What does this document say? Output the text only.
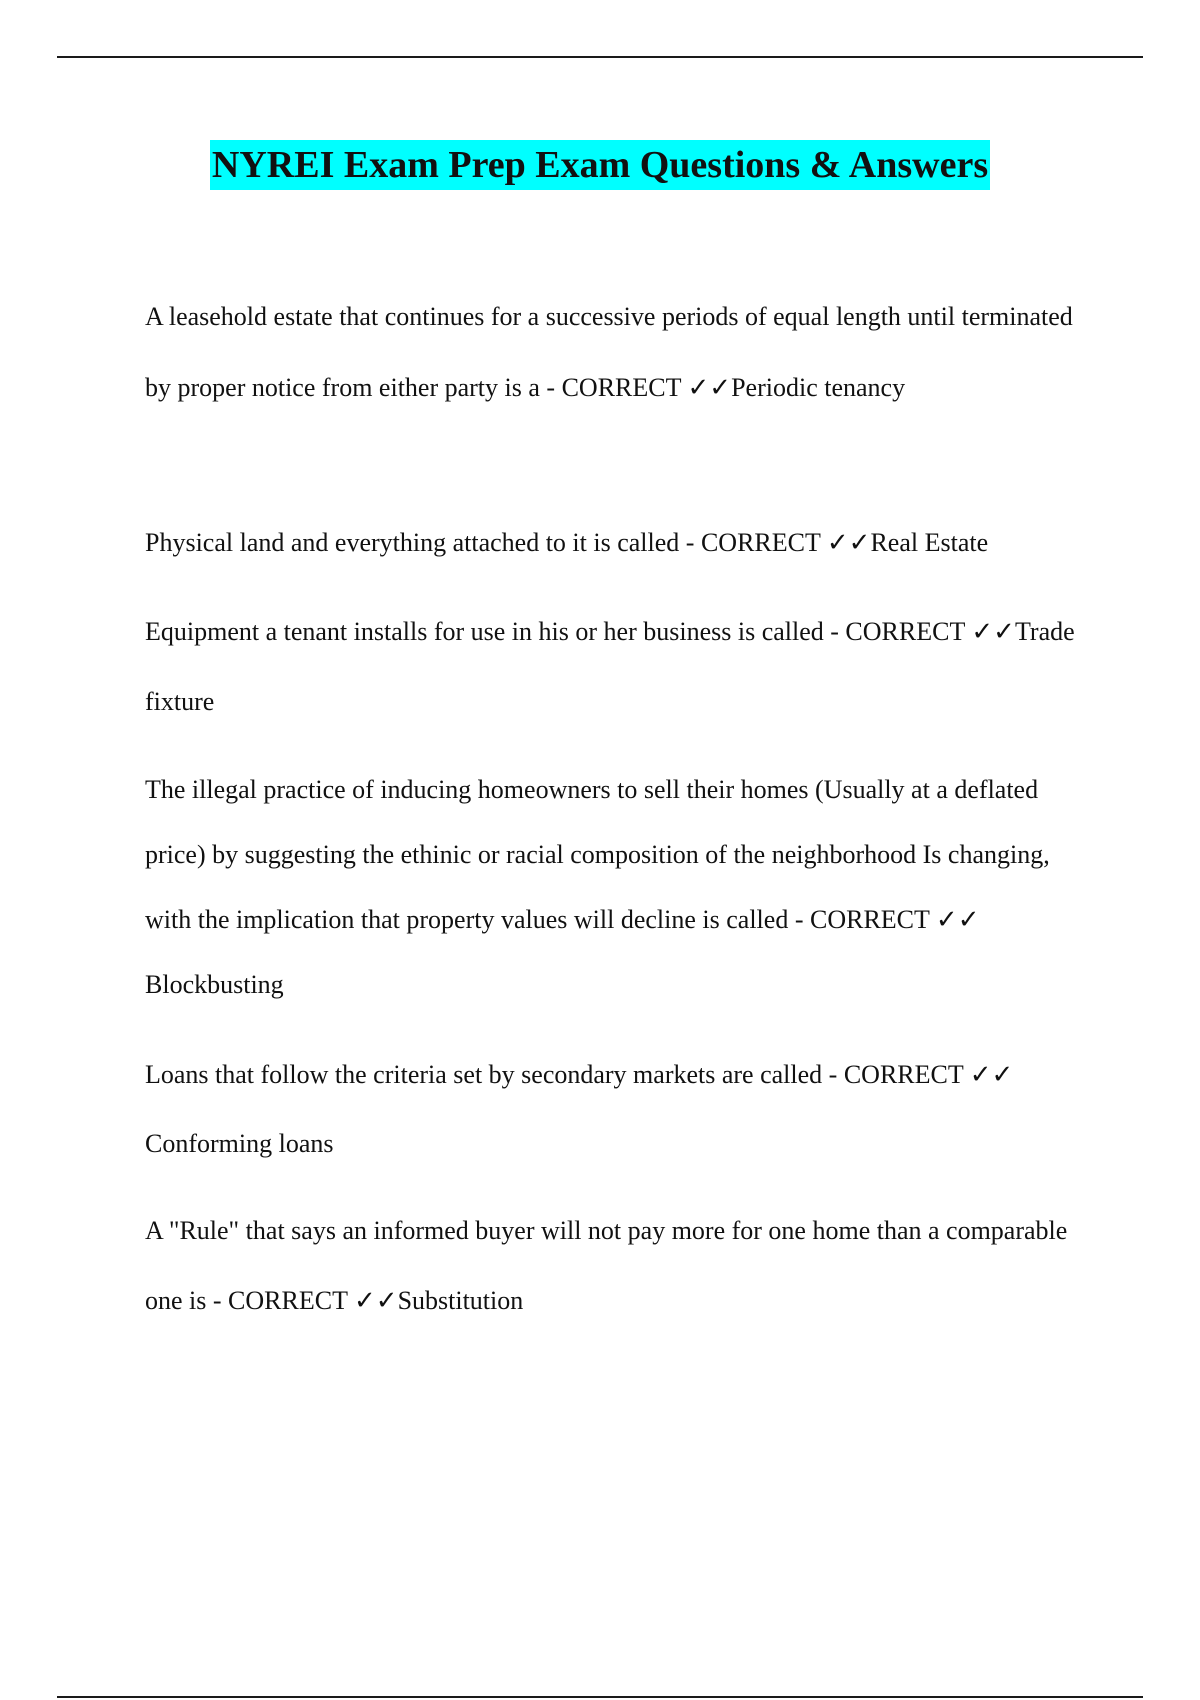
NYREI Exam Prep Exam Questions & Answers

A leasehold estate that continues for a successive periods of equal length until terminated by proper notice from either party is a - CORRECT ✓✓Periodic tenancy

Physical land and everything attached to it is called - CORRECT ✓✓Real Estate

Equipment a tenant installs for use in his or her business is called - CORRECT ✓✓Trade fixture

The illegal practice of inducing homeowners to sell their homes (Usually at a deflated price) by suggesting the ethinic or racial composition of the neighborhood Is changing, with the implication that property values will decline is called - CORRECT ✓✓Blockbusting

Loans that follow the criteria set by secondary markets are called - CORRECT ✓✓Conforming loans

A "Rule" that says an informed buyer will not pay more for one home than a comparable one is - CORRECT ✓✓Substitution
